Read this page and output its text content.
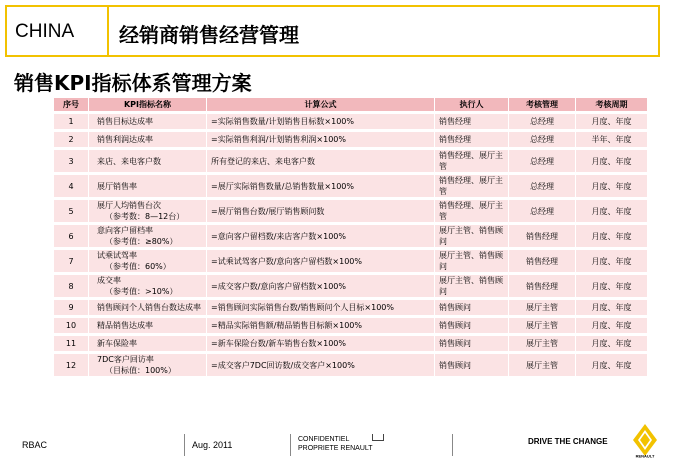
CHINA 经销商销售经营管理
销售KPI指标体系管理方案
序号	KPI指标名称	计算公式	执行人	考核管理	考核周期
1	销售目标达成率	=实际销售数量/计划销售目标数×100%	销售经理	总经理	月度、年度
2	销售利润达成率	=实际销售利润/计划销售利润×100%	销售经理	总经理	半年、年度
3	来店、来电客户数	所有登记的来店、来电客户数	销售经理、展厅主管	总经理	月度、年度
4	展厅销售率	=展厅实际销售数量/总销售数量×100%	销售经理、展厅主管	总经理	月度、年度
5	展厅人均销售台次
（参考数：8—12台）	=展厅销售台数/展厅销售顾问数	销售经理、展厅主管	总经理	月度、年度
6	意向客户留档率
（参考值：≥80%）	=意向客户留档数/来店客户数×100%	展厅主管、销售顾问	销售经理	月度、年度
7	试乘试驾率
（参考值：60%）	=试乘试驾客户数/意向客户留档数×100%	展厅主管、销售顾问	销售经理	月度、年度
8	成交率
（参考值：>10%）	=成交客户数/意向客户留档数×100%	展厅主管、销售顾问	销售经理	月度、年度
9	销售顾问个人销售台数达成率	=销售顾问实际销售台数/销售顾问个人目标×100%	销售顾问	展厅主管	月度、年度
10	精品销售达成率	=精品实际销售额/精品销售目标额×100%	销售顾问	展厅主管	月度、年度
11	新车保险率	=新车保险台数/新车销售台数×100%	销售顾问	展厅主管	月度、年度
12	7DC客户回访率
（目标值：100%）	=成交客户7DC回访数/成交客户×100%	销售顾问	展厅主管	月度、年度
RBAC	Aug. 2011
CONFIDENTIEL
PROPRIETE RENAULT
DRIVE THE CHANGE
RENAULT
